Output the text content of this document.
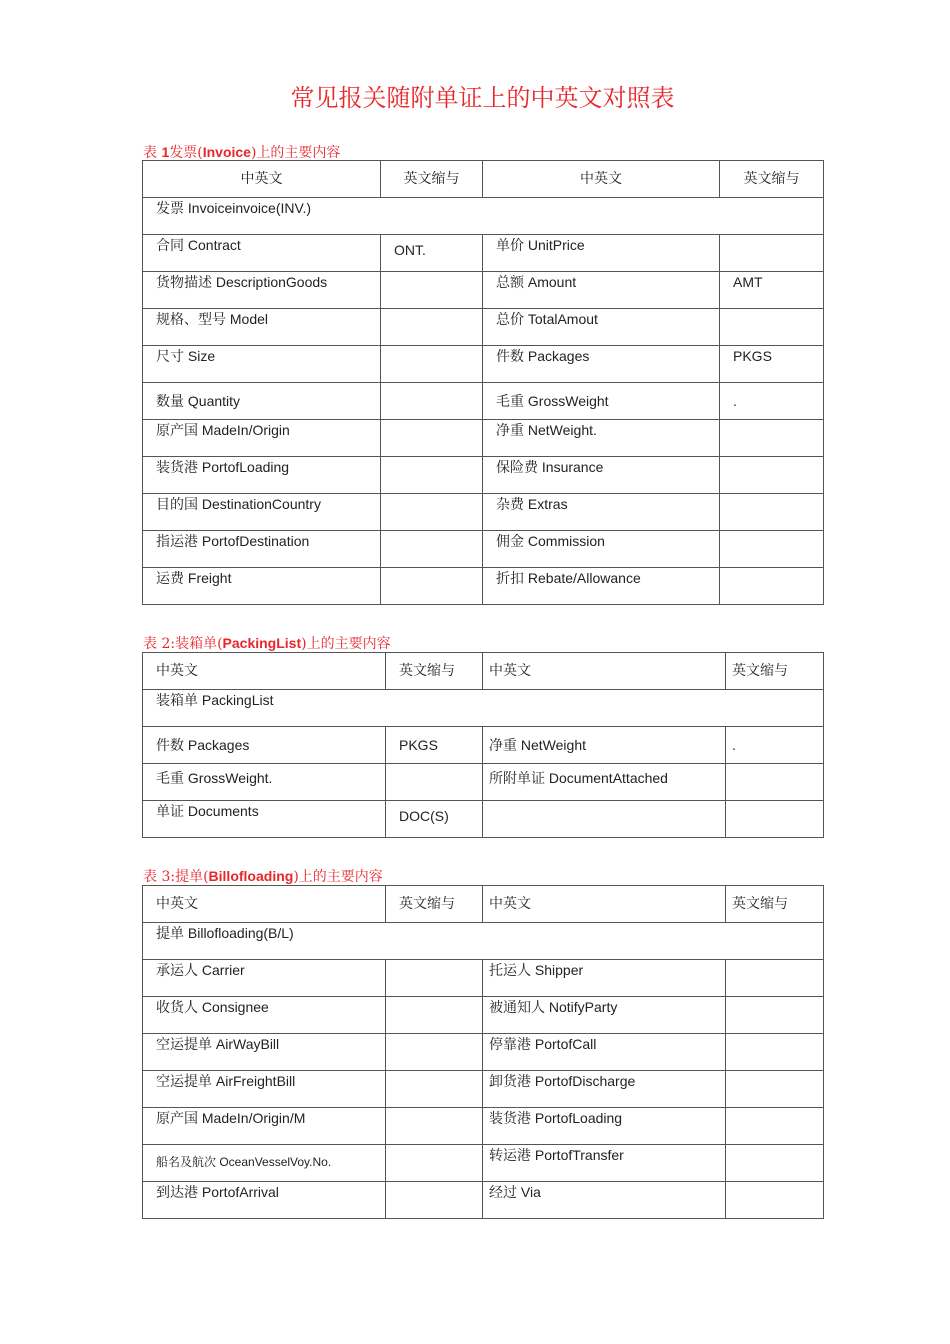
常见报关随附单证上的中英文对照表
表 1发票(Invoice)上的主要内容
中英文	英文缩与	中英文	英文缩与

发票 Invoiceinvoice(INV.)			

合同 Contract	ONT.	单价 UnitPrice	

货物描述 DescriptionGoods		总额 Amount	AMT

规格、型号 Model		总价 TotalAmout	

尺寸 Size		件数 Packages	PKGS

数量 Quantity		毛重 GrossWeight	.

原产国 MadeIn/Origin		净重 NetWeight.	

装货港 PortofLoading		保险费 Insurance	

目的国 DestinationCountry		杂费 Extras	

指运港 PortofDestination		佣金 Commission	

运费 Freight		折扣 Rebate/Allowance	

表 2:装箱单(PackingList)上的主要内容
中英文	英文缩与	中英文	英文缩与

装箱单 PackingList			

件数 Packages	PKGS	净重 NetWeight	.

毛重 GrossWeight.		所附单证 DocumentAttached	

单证 Documents	DOC(S)		

表 3:提单(Billofloading)上的主要内容
中英文	英文缩与	中英文	英文缩与

提单 Billofloading(B/L)			

承运人 Carrier		托运人 Shipper	

收货人 Consignee		被通知人 NotifyParty	

空运提单 AirWayBill		停靠港 PortofCall	

空运提单 AirFreightBill		卸货港 PortofDischarge	

原产国 MadeIn/Origin/M		装货港 PortofLoading	

船名及航次 OceanVesselVoy.No.		转运港 PortofTransfer	

到达港 PortofArrival		经过 Via	
